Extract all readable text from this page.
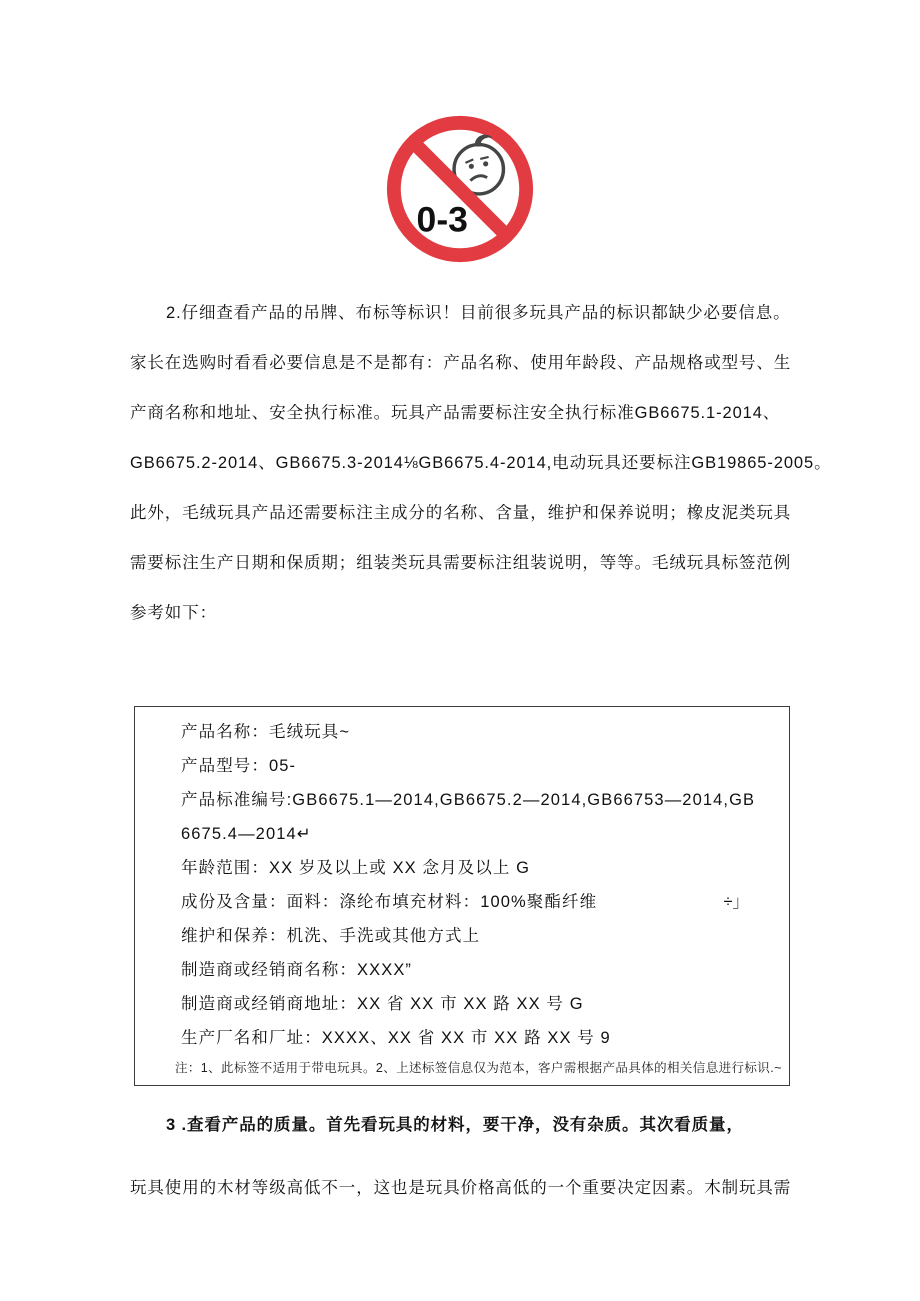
0-3
2.仔细查看产品的吊牌、布标等标识！目前很多玩具产品的标识都缺少必要信息。
家长在选购时看看必要信息是不是都有：产品名称、使用年龄段、产品规格或型号、生
产商名称和地址、安全执行标准。玩具产品需要标注安全执行标准GB6675.1-2014、
GB6675.2-2014、GB6675.3-2014⅛GB6675.4-2014,电动玩具还要标注GB19865-2005。
此外，毛绒玩具产品还需要标注主成分的名称、含量，维护和保养说明；橡皮泥类玩具
需要标注生产日期和保质期；组装类玩具需要标注组装说明，等等。毛绒玩具标签范例
参考如下：
产品名称：毛绒玩具~
产品型号：05-
产品标准编号:GB6675.1—2014,GB6675.2—2014,GB66753—2014,GB
6675.4—2014↵
年龄范围：XX 岁及以上或 XX 念月及以上 G
成份及含量：面料：涤纶布填充材料：100%聚酯纤维	÷」
维护和保养：机洗、手洗或其他方式上
制造商或经销商名称：XXXX”
制造商或经销商地址：XX 省 XX 市 XX 路 XX 号 G
生产厂名和厂址：XXXX、XX 省 XX 市 XX 路 XX 号 9
注：1、此标签不适用于带电玩具。2、上述标签信息仅为范本，客户需根据产品具体的相关信息进行标识.~
3 .查看产品的质量。首先看玩具的材料，要干净，没有杂质。其次看质量，
玩具使用的木材等级高低不一，这也是玩具价格高低的一个重要决定因素。木制玩具需
